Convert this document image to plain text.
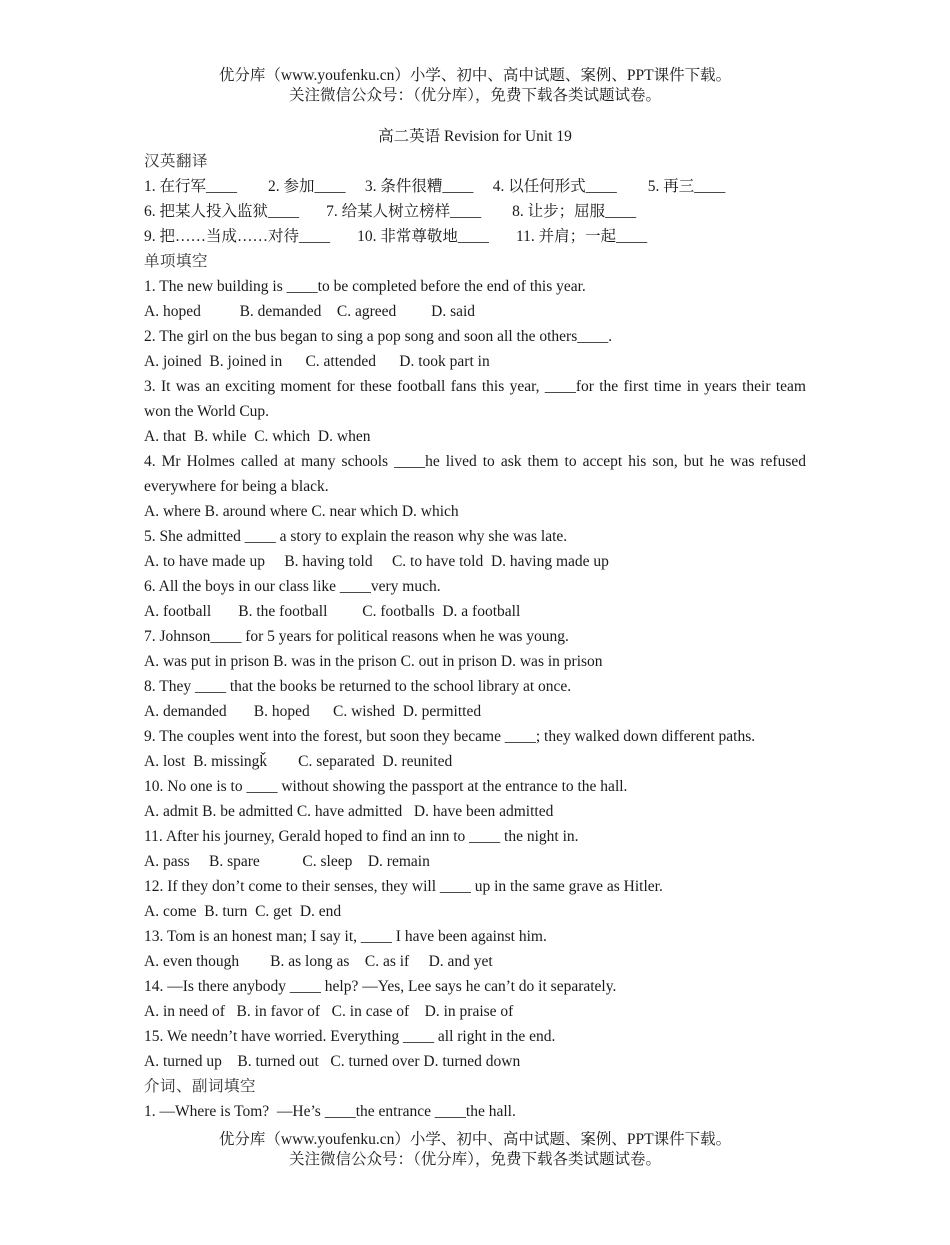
优分库（www.youfenku.cn）小学、初中、高中试题、案例、PPT课件下载。
关注微信公众号：（优分库），免费下载各类试题试卷。
高二英语 Revision for Unit 19
汉英翻译
1. 在行军____        2. 参加____     3. 条件很糟____     4. 以任何形式____        5. 再三____
6. 把某人投入监狱____       7. 给某人树立榜样____        8. 让步；屈服____
9. 把……当成……对待____       10. 非常尊敬地____       11. 并肩；一起____
单项填空
1. The new building is ____to be completed before the end of this year.
A. hoped          B. demanded    C. agreed         D. said
2. The girl on the bus began to sing a pop song and soon all the others____.
A. joined  B. joined in      C. attended      D. took part in
3. It was an exciting moment for these football fans this year, ____for the first time in years their team won the World Cup.
A. that  B. while  C. which  D. when
4. Mr Holmes called at many schools ____he lived to ask them to accept his son, but he was refused everywhere for being a black.
A. where B. around where C. near which D. which
5. She admitted ____ a story to explain the reason why she was late.
A. to have made up     B. having told     C. to have told  D. having made up
6. All the boys in our class like ____very much.
A. football       B. the football         C. footballs  D. a football
7. Johnson____ for 5 years for political reasons when he was young.
A. was put in prison B. was in the prison C. out in prison D. was in prison
8. They ____ that the books be returned to the school library at once.
A. demanded       B. hoped      C. wished  D. permitted
9. The couples went into the forest, but soon they became ____; they walked down different paths.
A. lost  B. missingǩ        C. separated  D. reunited
10. No one is to ____ without showing the passport at the entrance to the hall.
A. admit B. be admitted C. have admitted   D. have been admitted
11. After his journey, Gerald hoped to find an inn to ____ the night in.
A. pass     B. spare           C. sleep    D. remain
12. If they don’t come to their senses, they will ____ up in the same grave as Hitler.
A. come  B. turn  C. get  D. end
13. Tom is an honest man; I say it, ____ I have been against him.
A. even though        B. as long as    C. as if     D. and yet
14. —Is there anybody ____ help? —Yes, Lee says he can’t do it separately.
A. in need of   B. in favor of   C. in case of    D. in praise of
15. We needn’t have worried. Everything ____ all right in the end.
A. turned up    B. turned out   C. turned over D. turned down
介词、副词填空
1. —Where is Tom?  —He’s ____the entrance ____the hall.
优分库（www.youfenku.cn）小学、初中、高中试题、案例、PPT课件下载。
关注微信公众号：（优分库），免费下载各类试题试卷。
